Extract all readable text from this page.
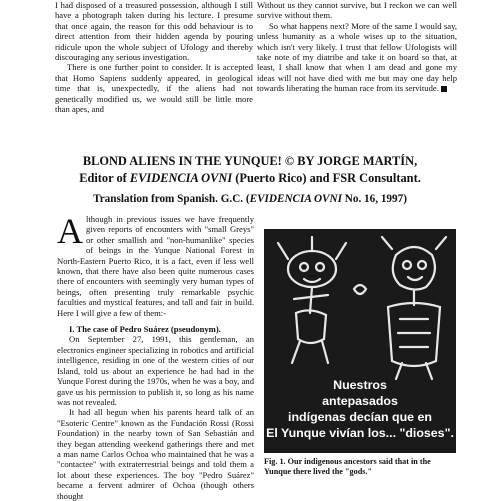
I had disposed of a treasured possession, although I still have a photograph taken during his lecture. I presume that once again, the reason for this odd behaviour is to direct attention from their hidden agenda by pouring ridicule upon the whole subject of Ufology and thereby discouraging any serious investigation.

There is one further point to consider. It is accepted that Homo Sapiens suddenly appeared, in geological time that is, unexpectedly, if the aliens had not genetically modified us, we would still be little more than apes, and

Without us they cannot survive, but I reckon we can well survive without them.

So what happens next? More of the same I would say, unless humanity as a whole wises up to the situation, which isn't very likely. I trust that fellow Ufologists will take note of my diatribe and take it on board so that, at least, I shall know that when I am dead and gone my ideas will not have died with me but may one day help towards liberating the human race from its servitude.

BLOND ALIENS IN THE YUNQUE! © BY JORGE MARTÍN,
Editor of EVIDENCIA OVNI (Puerto Rico) and FSR Consultant.
Translation from Spanish. G.C. (EVIDENCIA OVNI No. 16, 1997)

Although in previous issues we have frequently given reports of encounters with "small Greys" or other smallish and "non-humanlike" species of beings in the Yunque National Forest in North-Eastern Puerto Rico, it is a fact, even if less well known, that there have also been quite numerous cases there of encounters with seemingly very human types of beings, often presenting truly remarkable psychic faculties and mystical features, and tall and fair in build. Here I will give a few of them:-

I. The case of Pedro Suárez (pseudonym).

On September 27, 1991, this gentleman, an electronics engineer specializing in robotics and artificial intelligence, residing in one of the western cities of our Island, told us about an experience he had had in the Yunque Forest during the 1970s, when he was a boy, and gave us his permission to publish it, so long as his name was not revealed.

It had all begun when his parents heard talk of an "Esoteric Centre" known as the Fundación Rossi (Rossi Foundation) in the nearby town of San Sebastián and they began attending weekend gatherings there and met a man name Carlos Ochoa who maintained that he was a "contactee" with extraterrestrial beings and told them a lot about these experiences. The boy "Pedro Suárez" became a fervent admirer of Ochoa (though others thought

Nuestros
antepasados
indígenas decían que en
El Yunque vivían los... "dioses".
Fig. 1. Our indigenous ancestors said that in the Yunque there lived the "gods."
